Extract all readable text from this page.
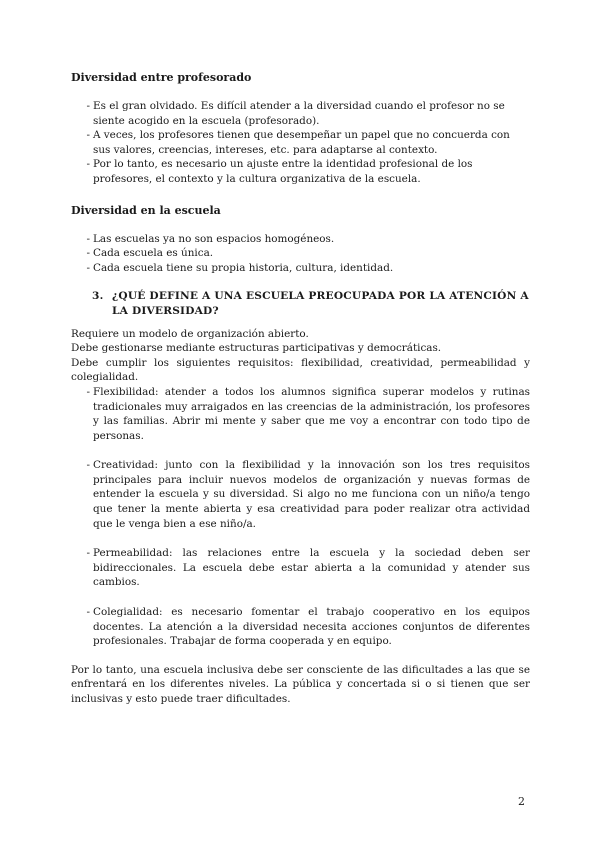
Diversidad entre profesorado
- Es el gran olvidado. Es difícil atender a la diversidad cuando el profesor no se siente acogido en la escuela (profesorado).
- A veces, los profesores tienen que desempeñar un papel que no concuerda con sus valores, creencias, intereses, etc. para adaptarse al contexto.
- Por lo tanto, es necesario un ajuste entre la identidad profesional de los profesores, el contexto y la cultura organizativa de la escuela.
Diversidad en la escuela
- Las escuelas ya no son espacios homogéneos.
- Cada escuela es única.
- Cada escuela tiene su propia historia, cultura, identidad.
3. ¿QUÉ DEFINE A UNA ESCUELA PREOCUPADA POR LA ATENCIÓN A LA DIVERSIDAD?

Requiere un modelo de organización abierto.

Debe gestionarse mediante estructuras participativas y democráticas.

Debe cumplir los siguientes requisitos: flexibilidad, creatividad, permeabilidad y colegialidad.

- Flexibilidad: atender a todos los alumnos significa superar modelos y rutinas tradicionales muy arraigados en las creencias de la administración, los profesores y las familias. Abrir mi mente y saber que me voy a encontrar con todo tipo de personas.
- Creatividad: junto con la flexibilidad y la innovación son los tres requisitos principales para incluir nuevos modelos de organización y nuevas formas de entender la escuela y su diversidad. Si algo no me funciona con un niño/a tengo que tener la mente abierta y esa creatividad para poder realizar otra actividad que le venga bien a ese niño/a.
- Permeabilidad: las relaciones entre la escuela y la sociedad deben ser bidireccionales. La escuela debe estar abierta a la comunidad y atender sus cambios.
- Colegialidad: es necesario fomentar el trabajo cooperativo en los equipos docentes. La atención a la diversidad necesita acciones conjuntos de diferentes profesionales. Trabajar de forma cooperada y en equipo.

Por lo tanto, una escuela inclusiva debe ser consciente de las dificultades a las que se enfrentará en los diferentes niveles. La pública y concertada si o si tienen que ser inclusivas y esto puede traer dificultades.

2
